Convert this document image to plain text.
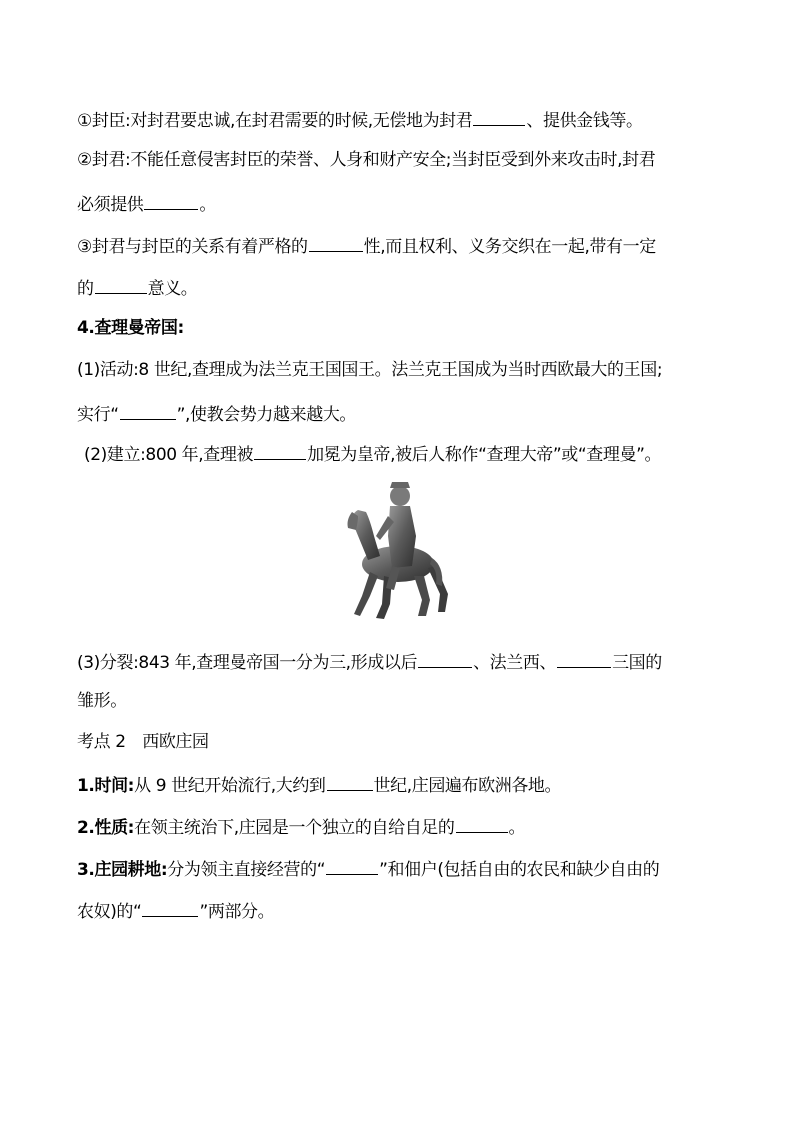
①封臣:对封君要忠诚,在封君需要的时候,无偿地为封君	、提供金钱等。
②封君:不能任意侵害封臣的荣誉、人身和财产安全;当封臣受到外来攻击时,封君
必须提供	。
③封君与封臣的关系有着严格的	性,而且权利、义务交织在一起,带有一定
的	意义。
4.查理曼帝国:
(1)活动:8 世纪,查理成为法兰克王国国王。法兰克王国成为当时西欧最大的王国;
实行“	”,使教会势力越来越大。
(2)建立:800 年,查理被	加冕为皇帝,被后人称作“查理大帝”或“查理曼”。
(3)分裂:843 年,查理曼帝国一分为三,形成以后	、法兰西、	三国的
雏形。
考点 2　西欧庄园
1.时间:从 9 世纪开始流行,大约到	世纪,庄园遍布欧洲各地。
2.性质:在领主统治下,庄园是一个独立的自给自足的	。
3.庄园耕地:分为领主直接经营的“	”和佃户(包括自由的农民和缺少自由的
农奴)的“	”两部分。
